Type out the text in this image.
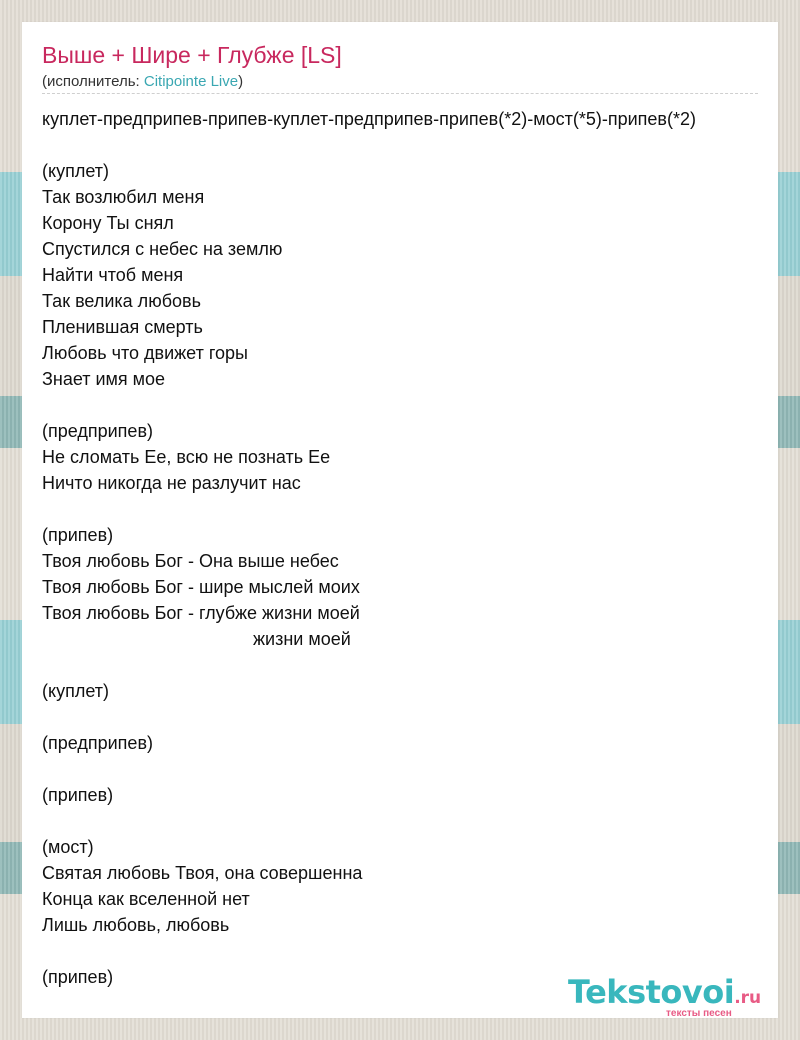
Выше + Шире + Глубже [LS]
(исполнитель: Citipointe Live)
куплет-предприпев-припев-куплет-предприпев-припев(*2)-мост(*5)-припев(*2)
(куплет)
Так возлюбил меня
Корону Ты снял
Спустился с небес на землю
Найти чтоб меня
Так велика любовь
Пленившая смерть
Любовь что движет горы
Знает имя мое
(предприпев)
Не сломать Ее, всю не познать Ее
Ничто никогда не разлучит нас
(припев)
Твоя любовь Бог - Она выше небес
Твоя любовь Бог - шире мыслей моих
Твоя любовь Бог - глубже жизни моей
жизни моей
(куплет)
(предприпев)
(припев)
(мост)
Святая любовь Твоя, она совершенна
Конца как вселенной нет
Лишь любовь, любовь
(припев)	Tekstovoi.ru
тексты песен
